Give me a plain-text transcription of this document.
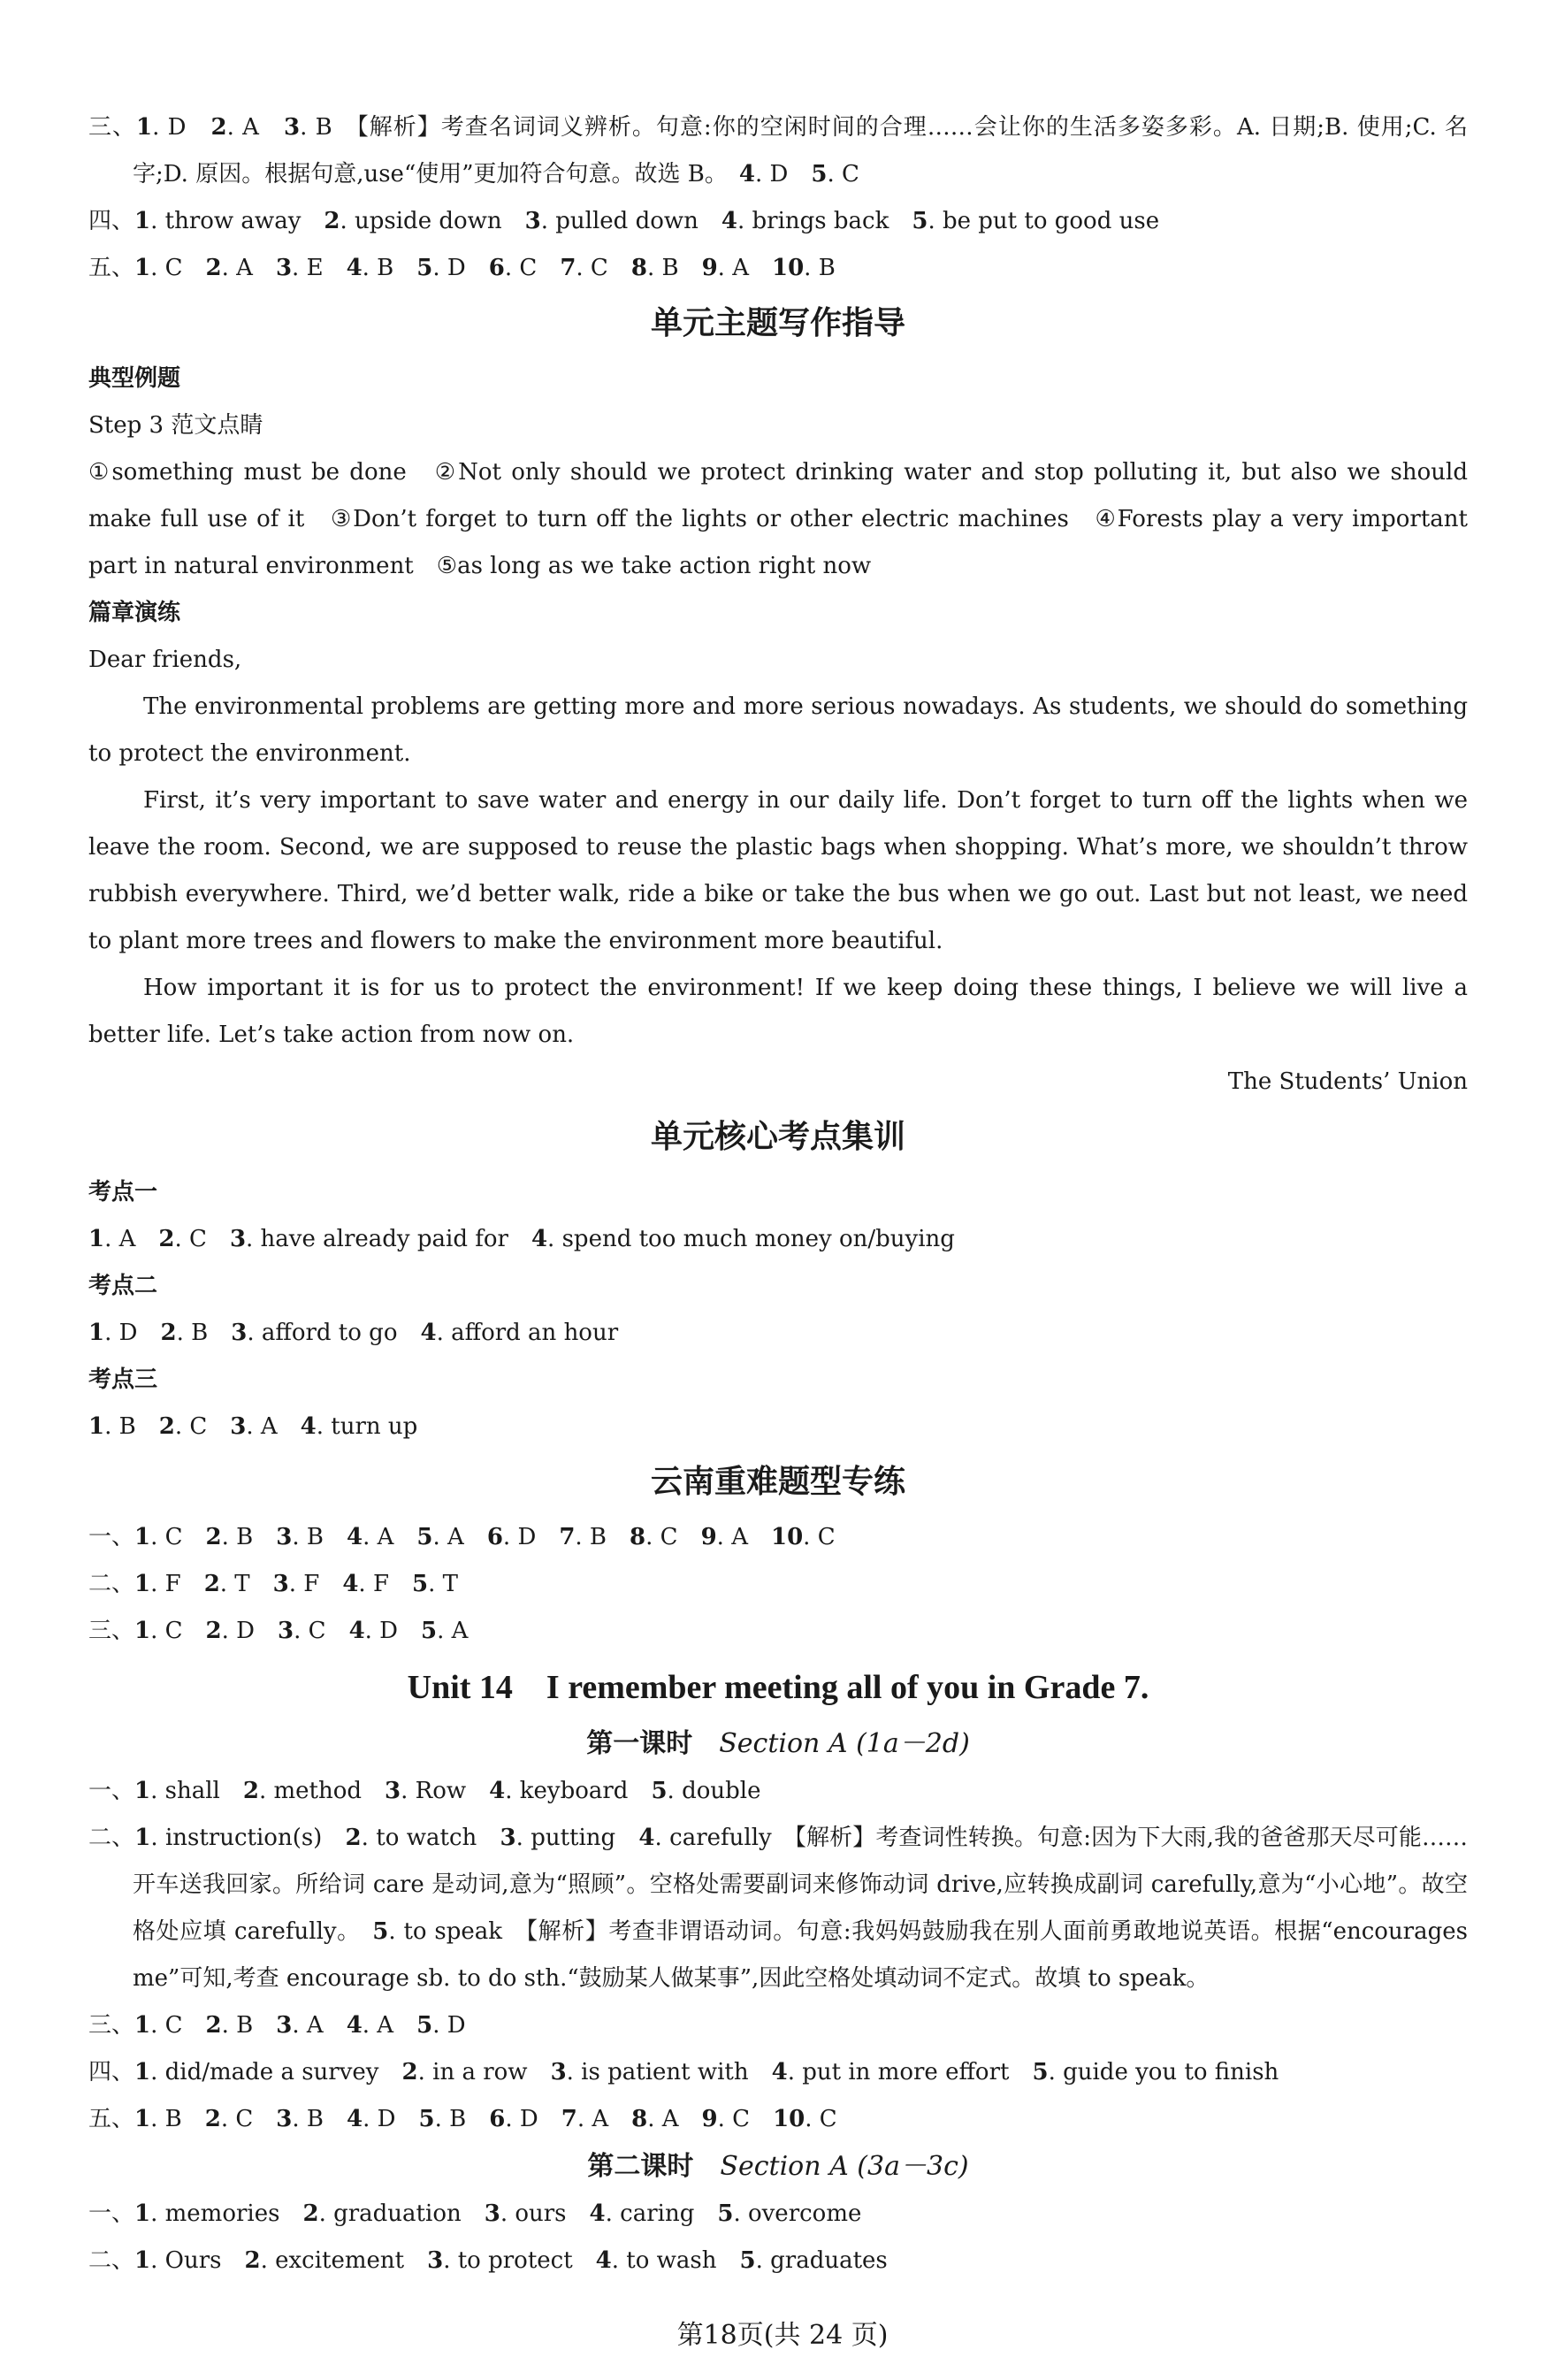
三、1. D　2. A　3. B　【解析】考查名词词义辨析。句意:你的空闲时间的合理……会让你的生活多姿多彩。A. 日期;B. 使用;C. 名字;D. 原因。根据句意,use“使用”更加符合句意。故选 B。　4. D　5. C
四、1. throw away　2. upside down　3. pulled down　4. brings back　5. be put to good use
五、1. C　2. A　3. E　4. B　5. D　6. C　7. C　8. B　9. A　10. B
单元主题写作指导
典型例题
Step 3 范文点睛
①something must be done　②Not only should we protect drinking water and stop polluting it, but also we should make full use of it　③Don’t forget to turn off the lights or other electric machines　④Forests play a very important part in natural environment　⑤as long as we take action right now
篇章演练
Dear friends,
The environmental problems are getting more and more serious nowadays. As students, we should do something to protect the environment.
First, it’s very important to save water and energy in our daily life. Don’t forget to turn off the lights when we leave the room. Second, we are supposed to reuse the plastic bags when shopping. What’s more, we shouldn’t throw rubbish everywhere. Third, we’d better walk, ride a bike or take the bus when we go out. Last but not least, we need to plant more trees and flowers to make the environment more beautiful.
How important it is for us to protect the environment! If we keep doing these things, I believe we will live a better life. Let’s take action from now on.
The Students’ Union
单元核心考点集训
考点一
1. A　2. C　3. have already paid for　4. spend too much money on/buying
考点二
1. D　2. B　3. afford to go　4. afford an hour
考点三
1. B　2. C　3. A　4. turn up
云南重难题型专练
一、1. C　2. B　3. B　4. A　5. A　6. D　7. B　8. C　9. A　10. C
二、1. F　2. T　3. F　4. F　5. T
三、1. C　2. D　3. C　4. D　5. A
Unit 14　I remember meeting all of you in Grade 7.
第一课时　 Section A (1a－2d)
一、1. shall　2. method　3. Row　4. keyboard　5. double
二、1. instruction(s)　2. to watch　3. putting　4. carefully　【解析】考查词性转换。句意:因为下大雨,我的爸爸那天尽可能……开车送我回家。所给词 care 是动词,意为“照顾”。空格处需要副词来修饰动词 drive,应转换成副词 carefully,意为“小心地”。故空格处应填 carefully。　5. to speak　【解析】考查非谓语动词。句意:我妈妈鼓励我在别人面前勇敢地说英语。根据“encourages me”可知,考查 encourage sb. to do sth.“鼓励某人做某事”,因此空格处填动词不定式。故填 to speak。
三、1. C　2. B　3. A　4. A　5. D
四、1. did/made a survey　2. in a row　3. is patient with　4. put in more effort　5. guide you to finish
五、1. B　2. C　3. B　4. D　5. B　6. D　7. A　8. A　9. C　10. C
第二课时　 Section A (3a－3c)
一、1. memories　2. graduation　3. ours　4. caring　5. overcome
二、1. Ours　2. excitement　3. to protect　4. to wash　5. graduates
第18页(共 24 页)
